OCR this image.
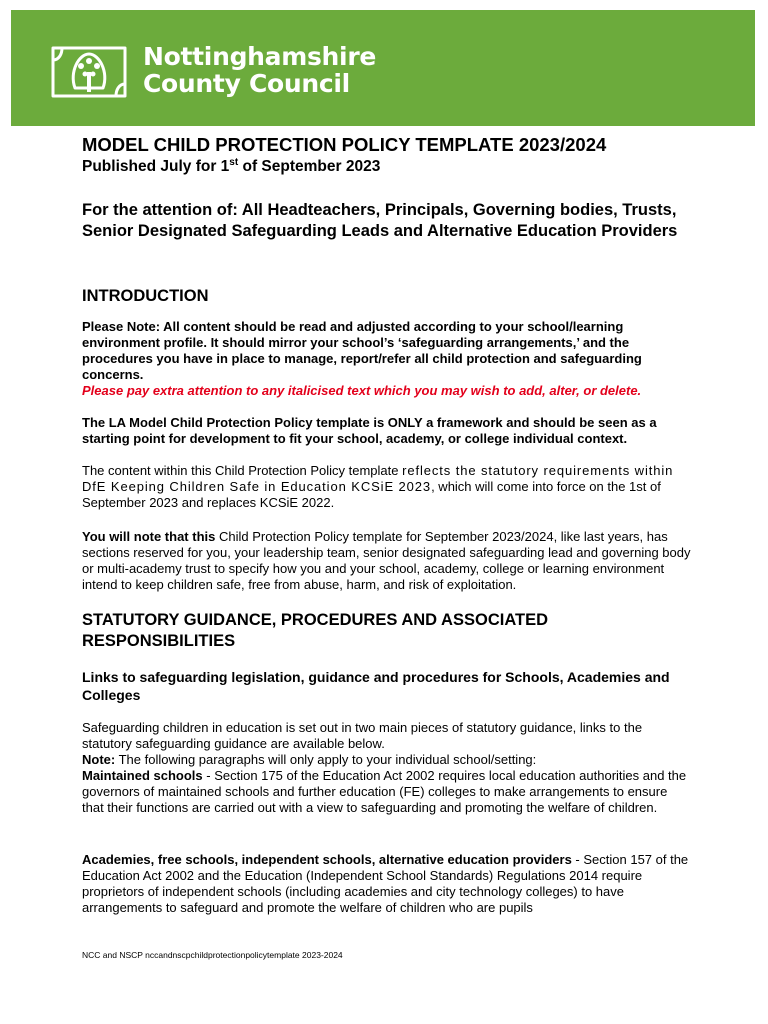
Nottinghamshire
County Council
MODEL CHILD PROTECTION POLICY TEMPLATE 2023/2024
Published July for 1st of September 2023
For the attention of: All Headteachers, Principals, Governing bodies, Trusts, Senior Designated Safeguarding Leads and Alternative Education Providers
INTRODUCTION

Please Note: All content should be read and adjusted according to your school/learning environment profile. It should mirror your school’s ‘safeguarding arrangements,’ and the procedures you have in place to manage, report/refer all child protection and safeguarding concerns.

Please pay extra attention to any italicised text which you may wish to add, alter, or delete.

The LA Model Child Protection Policy template is ONLY a framework and should be seen as a starting point for development to fit your school, academy, or college individual context.

The content within this Child Protection Policy template reflects the statutory requirements within DfE Keeping Children Safe in Education KCSiE 2023, which will come into force on the 1st of September 2023 and replaces KCSiE 2022.

You will note that this Child Protection Policy template for September 2023/2024, like last years, has sections reserved for you, your leadership team, senior designated safeguarding lead and governing body or multi-academy trust to specify how you and your school, academy, college or learning environment intend to keep children safe, free from abuse, harm, and risk of exploitation.

STATUTORY GUIDANCE, PROCEDURES AND ASSOCIATED RESPONSIBILITIES
Links to safeguarding legislation, guidance and procedures for Schools, Academies and Colleges
Safeguarding children in education is set out in two main pieces of statutory guidance, links to the statutory safeguarding guidance are available below.
Note: The following paragraphs will only apply to your individual school/setting:
Maintained schools - Section 175 of the Education Act 2002 requires local education authorities and the governors of maintained schools and further education (FE) colleges to make arrangements to ensure that their functions are carried out with a view to safeguarding and promoting the welfare of children.

Academies, free schools, independent schools, alternative education providers - Section 157 of the Education Act 2002 and the Education (Independent School Standards) Regulations 2014 require proprietors of independent schools (including academies and city technology colleges) to have arrangements to safeguard and promote the welfare of children who are pupils

NCC and NSCP nccandnscpchildprotectionpolicytemplate 2023-2024
